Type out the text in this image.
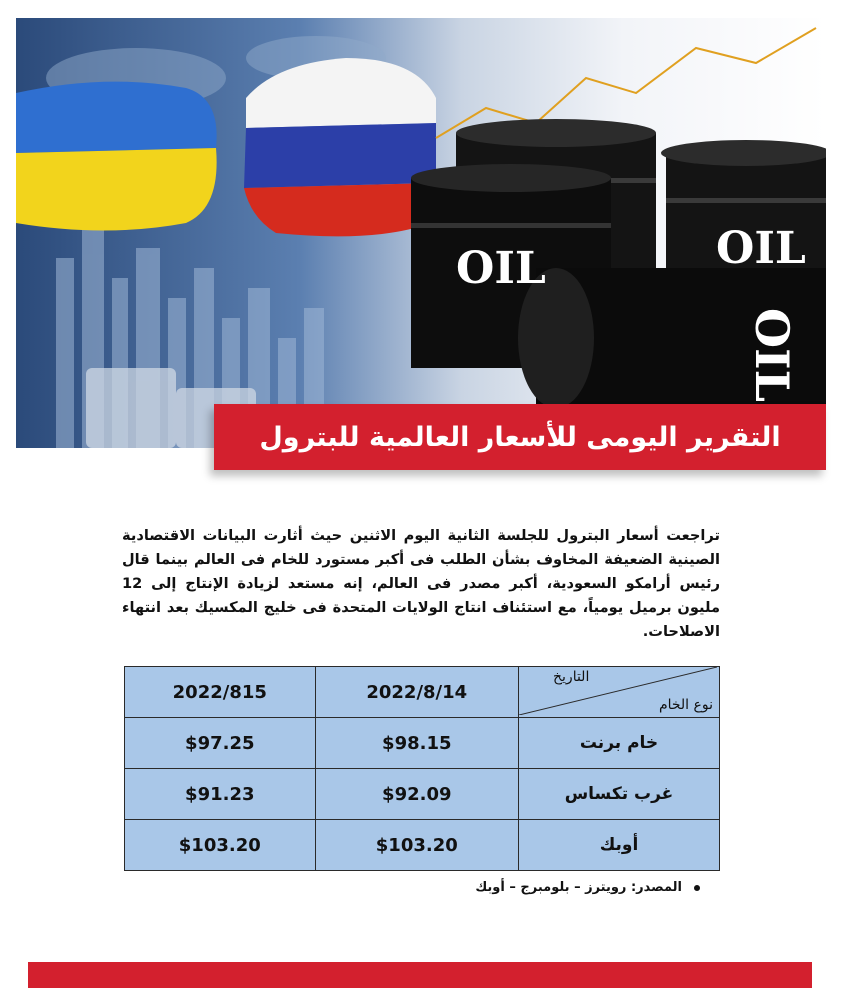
OIL	OIL
OIL
التقرير اليومى للأسعار العالمية للبترول
تراجعت أسعار البترول للجلسة الثانية اليوم الاثنين حيث أثارت البيانات الاقتصادية الصينية الضعيفة المخاوف بشأن الطلب فى أكبر مستورد للخام فى العالم بينما قال رئيس أرامكو السعودية، أكبر مصدر فى العالم، إنه مستعد لزيادة الإنتاج إلى 12 مليون برميل يومياً، مع استئناف انتاج الولايات المتحدة فى خليج المكسيك بعد انتهاء الاصلاحات.
التاريخ
نوع الخام	2022/8/14	2022/815
خام برنت	$98.15	$97.25
غرب تكساس	$92.09	$91.23
أوبك	$103.20	$103.20
المصدر: رويترز – بلومبرج – أوبك
